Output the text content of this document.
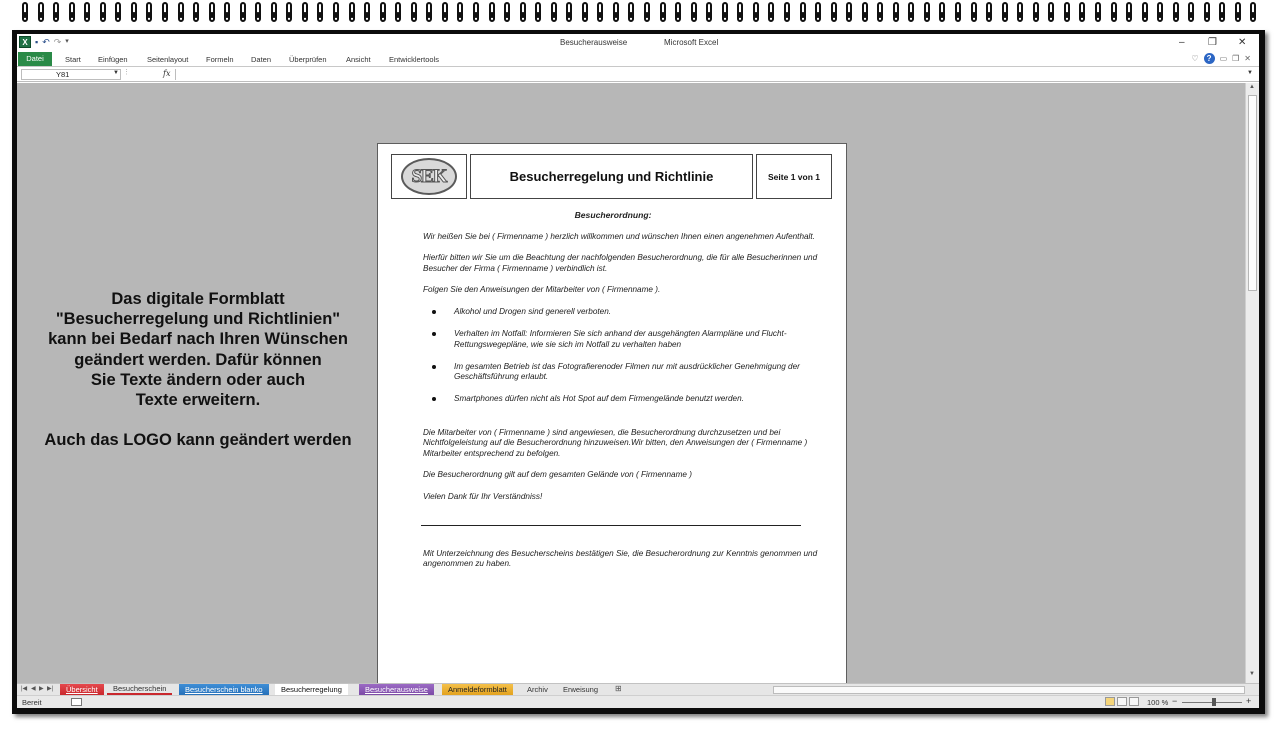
X ▪ ↶ ↷ ▾	Besucherausweise	Microsoft Excel	– ❐ ✕
Datei	Start Einfügen	Seitenlayout Formeln Daten Überprüfen	Ansicht Entwicklertools	♡	?	▭ ❐ ✕
Y81	▼ ⋮	fx	▼

Das digitale Formblatt

"Besucherregelung und Richtlinien"

kann bei Bedarf nach Ihren Wünschen

geändert werden. Dafür können

Sie Texte ändern oder auch

Texte erweitern.

Auch das LOGO kann geändert werden

SEK	Besucherregelung und Richtlinie	Seite 1 von 1
Besucherordnung:

Wir heißen Sie bei ( Firmenname ) herzlich willkommen und wünschen Ihnen einen angenehmen Aufenthalt.

Hierfür bitten wir Sie um die Beachtung der nachfolgenden Besucherordnung, die für alle Besucherinnen und Besucher der Firma ( Firmenname ) verbindlich ist.

Folgen Sie den Anweisungen der Mitarbeiter von ( Firmenname ).

Alkohol und Drogen sind generell verboten.
Verhalten im Notfall: Informieren Sie sich anhand der ausgehängten Alarmpläne und Flucht- Rettungswegepläne, wie sie sich im Notfall zu verhalten haben
Im gesamten Betrieb ist das Fotografierenoder Filmen nur mit ausdrücklicher Genehmigung der Geschäftsführung erlaubt.
Smartphones dürfen nicht als Hot Spot auf dem Firmengelände benutzt werden.

Die Mitarbeiter von ( Firmenname ) sind angewiesen, die Besucherordnung durchzusetzen und bei Nichtfolgeleistung auf die Besucherordnung hinzuweisen.Wir bitten, den Anweisungen der ( Firmenname ) Mitarbeiter entsprechend zu befolgen.

Die Besucherordnung gilt auf dem gesamten Gelände von ( Firmenname )

Vielen Dank für Ihr Verständniss!

Mit Unterzeichnung des Besucherscheins bestätigen Sie, die Besucherordnung zur Kenntnis genommen und angenommen zu haben.

▲
▼
|◀ ◀ ▶ ▶|	Übersicht	Besucherschein	Besucherschein blanko	Besucherregelung	Besucherausweise	Anmeldeformblatt	Archiv	Erweisung	⊞
Bereit	100 % −	+
